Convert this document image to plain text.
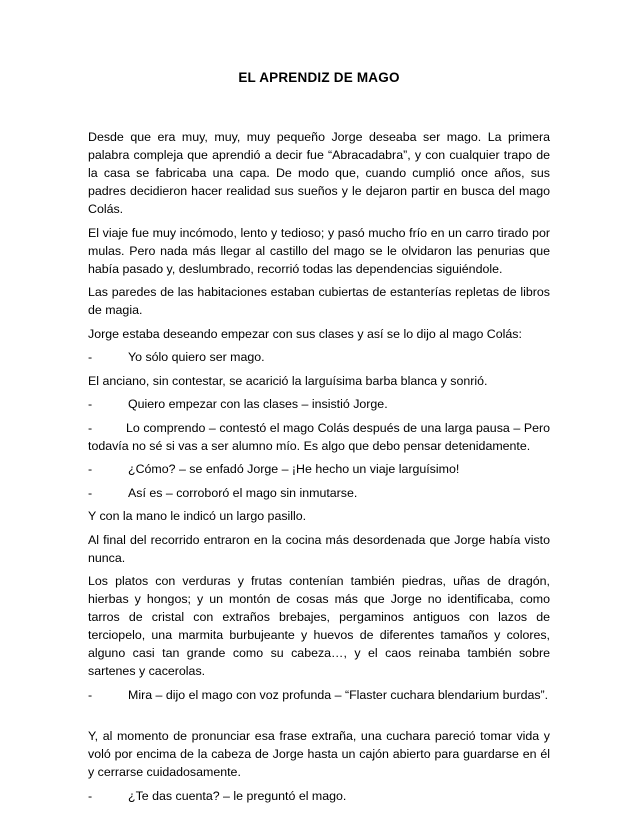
EL APRENDIZ DE MAGO

Desde que era muy, muy, muy pequeño Jorge deseaba ser mago. La primera palabra compleja que aprendió a decir fue “Abracadabra”, y con cualquier trapo de la casa se fabricaba una capa. De modo que, cuando cumplió once años, sus padres decidieron hacer realidad sus sueños y le dejaron partir en busca del mago Colás.

El viaje fue muy incómodo, lento y tedioso; y pasó mucho frío en un carro tirado por mulas. Pero nada más llegar al castillo del mago se le olvidaron las penurias que había pasado y, deslumbrado, recorrió todas las dependencias siguiéndole.

Las paredes de las habitaciones estaban cubiertas de estanterías repletas de libros de magia.

Jorge estaba deseando empezar con sus clases y así se lo dijo al mago Colás:

-	Yo sólo quiero ser mago.

El anciano, sin contestar, se acarició la larguísima barba blanca y sonrió.

-	Quiero empezar con las clases – insistió Jorge.
-	Lo comprendo – contestó el mago Colás después de una larga pausa – Pero todavía no sé si vas a ser alumno mío. Es algo que debo pensar detenidamente.
-	¿Cómo? – se enfadó Jorge – ¡He hecho un viaje larguísimo!
-	Así es – corroboró el mago sin inmutarse.

Y con la mano le indicó un largo pasillo.

Al final del recorrido entraron en la cocina más desordenada que Jorge había visto nunca.

Los platos con verduras y frutas contenían también piedras, uñas de dragón, hierbas y hongos; y un montón de cosas más que Jorge no identificaba, como tarros de cristal con extraños brebajes, pergaminos antiguos con lazos de terciopelo, una marmita burbujeante y huevos de diferentes tamaños y colores, alguno casi tan grande como su cabeza…, y el caos reinaba también sobre sartenes y cacerolas.

-	Mira – dijo el mago con voz profunda – “Flaster cuchara blendarium burdas”.

Y, al momento de pronunciar esa frase extraña, una cuchara pareció tomar vida y voló por encima de la cabeza de Jorge hasta un cajón abierto para guardarse en él y cerrarse cuidadosamente.

-	¿Te das cuenta? – le preguntó el mago.
